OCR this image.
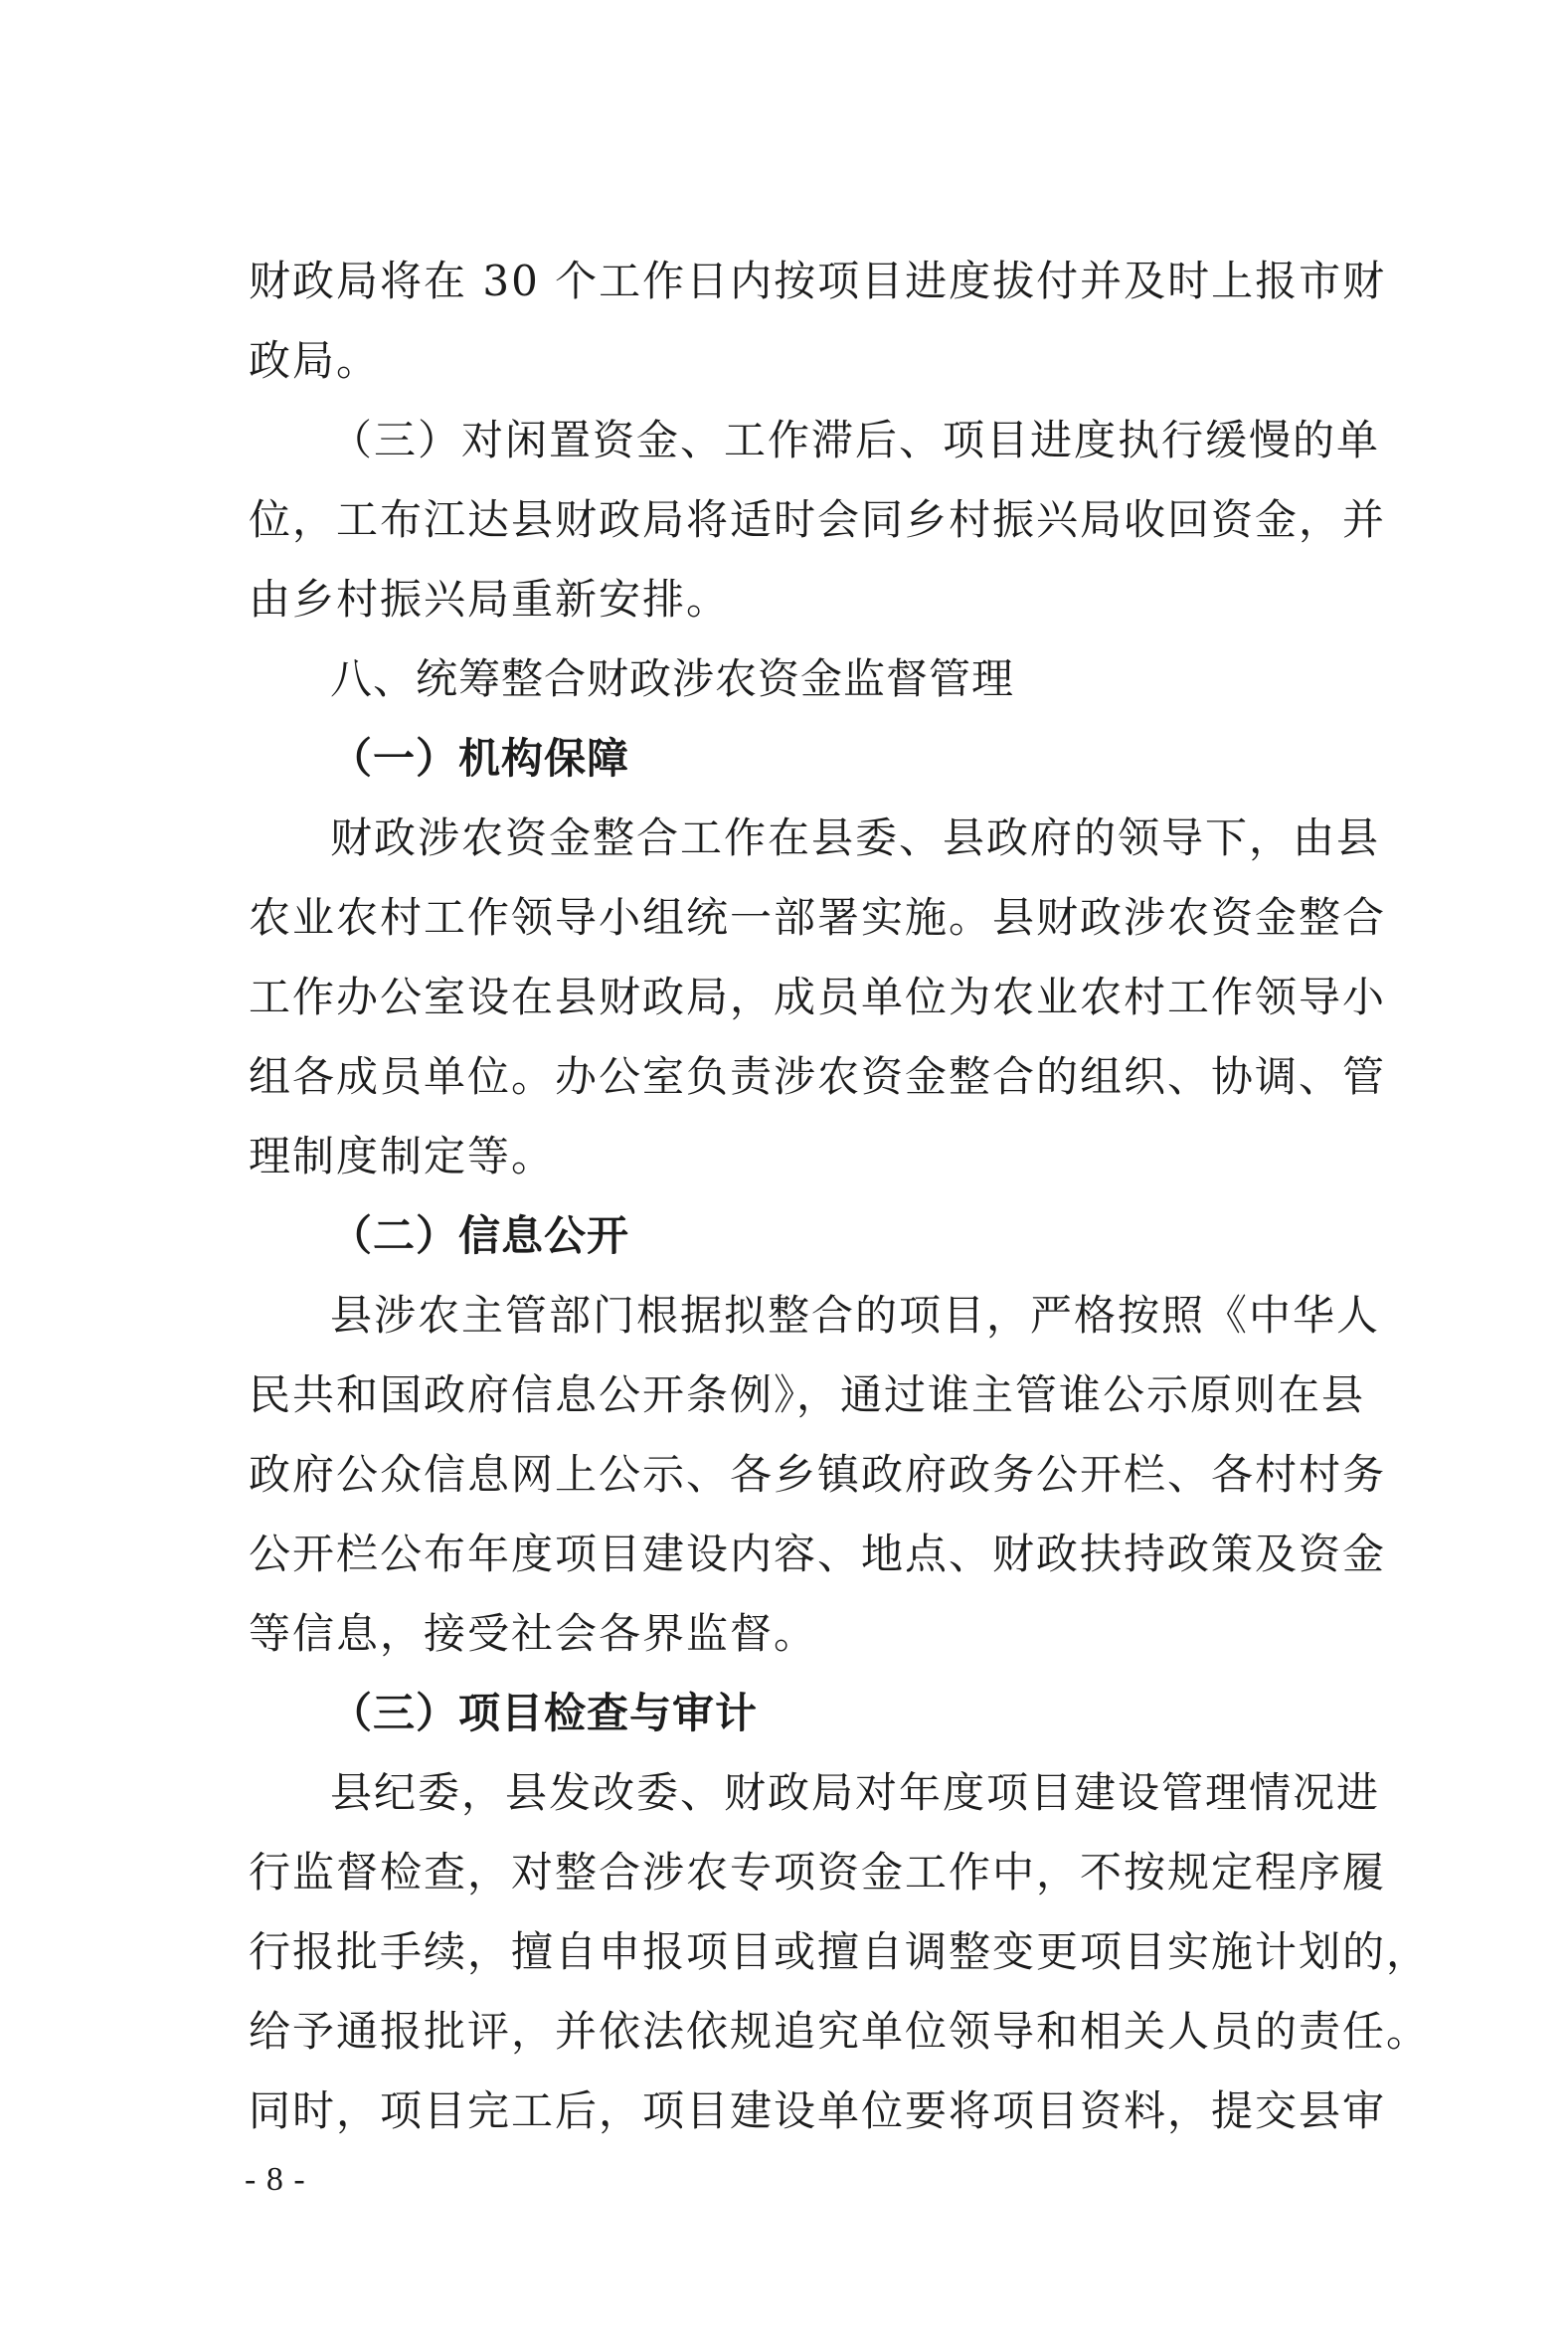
财政局将在 30 个工作日内按项目进度拔付并及时上报市财
政局。
（三）对闲置资金、工作滞后、项目进度执行缓慢的单
位，工布江达县财政局将适时会同乡村振兴局收回资金，并
由乡村振兴局重新安排。
八、统筹整合财政涉农资金监督管理
（一）机构保障
财政涉农资金整合工作在县委、县政府的领导下，由县
农业农村工作领导小组统一部署实施。县财政涉农资金整合
工作办公室设在县财政局，成员单位为农业农村工作领导小
组各成员单位。办公室负责涉农资金整合的组织、协调、管
理制度制定等。
（二）信息公开
县涉农主管部门根据拟整合的项目，严格按照《中华人
民共和国政府信息公开条例》，通过谁主管谁公示原则在县
政府公众信息网上公示、各乡镇政府政务公开栏、各村村务
公开栏公布年度项目建设内容、地点、财政扶持政策及资金
等信息，接受社会各界监督。
（三）项目检查与审计
县纪委，县发改委、财政局对年度项目建设管理情况进
行监督检查，对整合涉农专项资金工作中，不按规定程序履
行报批手续，擅自申报项目或擅自调整变更项目实施计划的，
给予通报批评，并依法依规追究单位领导和相关人员的责任。
同时，项目完工后，项目建设单位要将项目资料，提交县审
- 8 -
